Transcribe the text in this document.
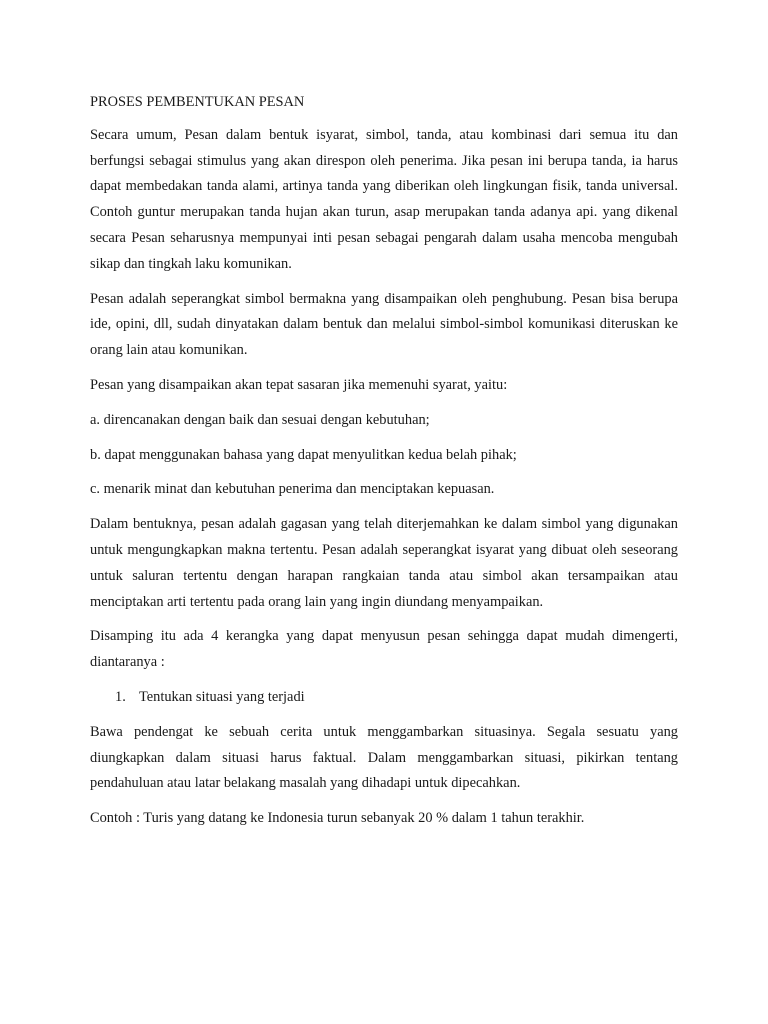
PROSES PEMBENTUKAN PESAN

Secara umum, Pesan dalam bentuk isyarat, simbol, tanda, atau kombinasi dari semua itu dan berfungsi sebagai stimulus yang akan direspon oleh penerima. Jika pesan ini berupa tanda, ia harus dapat membedakan tanda alami, artinya tanda yang diberikan oleh lingkungan fisik, tanda universal. Contoh guntur merupakan tanda hujan akan turun, asap merupakan tanda adanya api. yang dikenal secara Pesan seharusnya mempunyai inti pesan sebagai pengarah dalam usaha mencoba mengubah sikap dan tingkah laku komunikan.

Pesan adalah seperangkat simbol bermakna yang disampaikan oleh penghubung. Pesan bisa berupa ide, opini, dll, sudah dinyatakan dalam bentuk dan melalui simbol-simbol komunikasi diteruskan ke orang lain atau komunikan.

Pesan yang disampaikan akan tepat sasaran jika memenuhi syarat, yaitu:

a. direncanakan dengan baik dan sesuai dengan kebutuhan;

b. dapat menggunakan bahasa yang dapat menyulitkan kedua belah pihak;

c. menarik minat dan kebutuhan penerima dan menciptakan kepuasan.

Dalam bentuknya, pesan adalah gagasan yang telah diterjemahkan ke dalam simbol yang digunakan untuk mengungkapkan makna tertentu. Pesan adalah seperangkat isyarat yang dibuat oleh seseorang untuk saluran tertentu dengan harapan rangkaian tanda atau simbol akan tersampaikan atau menciptakan arti tertentu pada orang lain yang ingin diundang menyampaikan.

Disamping itu ada 4 kerangka yang dapat menyusun pesan sehingga dapat mudah dimengerti, diantaranya :

1. Tentukan situasi yang terjadi

Bawa pendengat ke sebuah cerita untuk menggambarkan situasinya. Segala sesuatu yang diungkapkan dalam situasi harus faktual. Dalam menggambarkan situasi, pikirkan tentang pendahuluan atau latar belakang masalah yang dihadapi untuk dipecahkan.

Contoh : Turis yang datang ke Indonesia turun sebanyak 20 % dalam 1 tahun terakhir.
